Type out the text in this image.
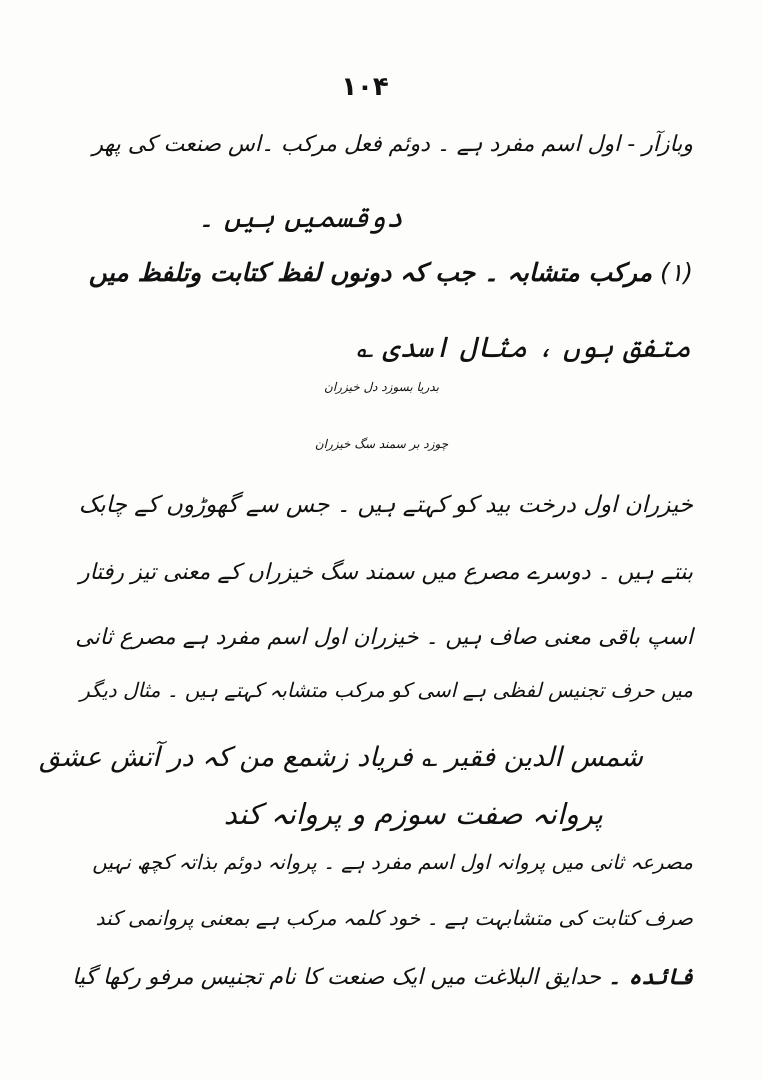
۱۰۴
وبازآر - اول اسم مفرد ہے ۔ دوئم فعل مرکب ۔اس صنعت کی پھر
دوقسمیں ہیں ۔
(۱) مرکب متشابہ ۔ جب کہ دونوں لفظ کتابت وتلفظ میں
متفق ہوں ، مثال اسدی ؎
بدریا بسوزد دل خیزران
چوزد بر سمند سگ خیزران
خیزران اول درخت بید کو کہتے ہیں ۔ جس سے گھوڑوں کے چابک
بنتے ہیں ۔ دوسرے مصرع میں سمند سگ خیزراں کے معنی تیز رفتار
اسپ باقی معنی صاف ہیں ۔ خیزران اول اسم مفرد ہے مصرع ثانی
میں حرف تجنیس لفظی ہے اسی کو مرکب متشابہ کہتے ہیں ۔ مثال دیگر
شمس الدین فقیر ؎ فریاد زشمع من کہ در آتش عشق
پروانہ صفت سوزم و پروانہ کند
مصرعہ ثانی میں پروانہ اول اسم مفرد ہے ۔ پروانہ دوئم بذاتہ کچھ نہیں
صرف کتابت کی متشابہت ہے ۔ خود کلمہ مرکب ہے بمعنی پروانمی کند
فائدہ ۔ حدایق البلاغت میں ایک صنعت کا نام تجنیس مرفو رکھا گیا
